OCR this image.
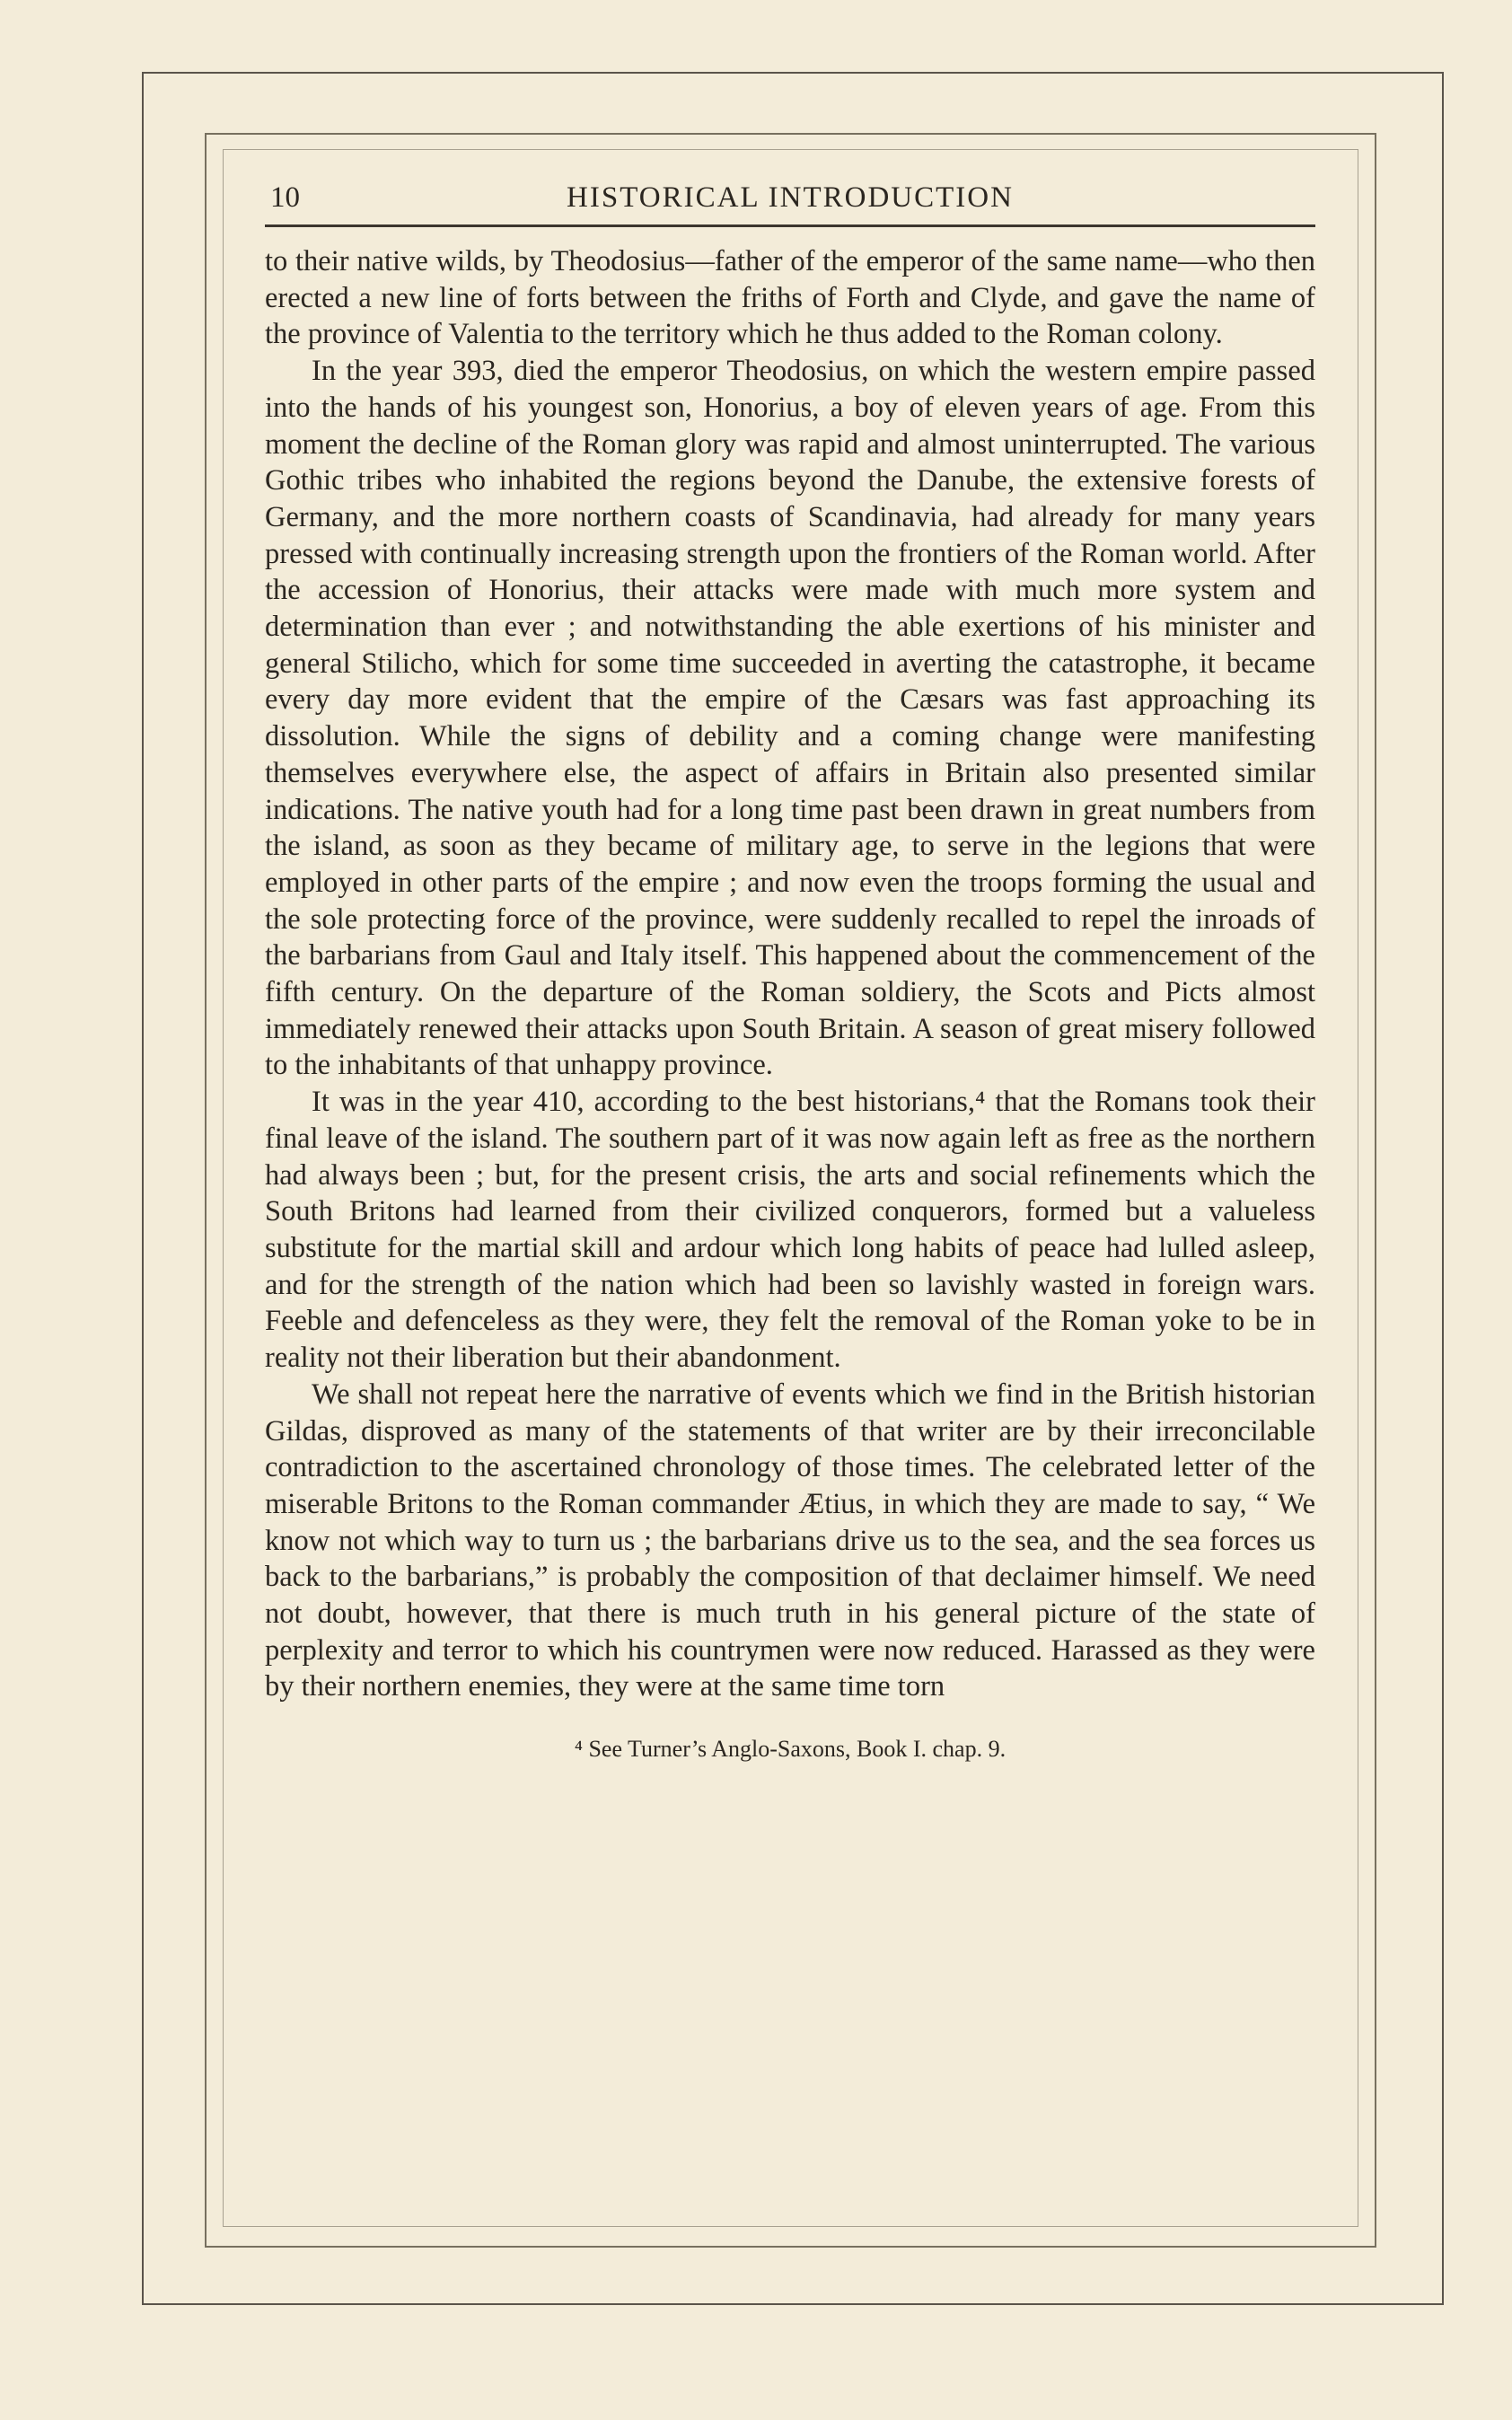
10	HISTORICAL INTRODUCTION

to their native wilds, by Theodosius—father of the emperor of the same name—who then erected a new line of forts between the friths of Forth and Clyde, and gave the name of the province of Valentia to the territory which he thus added to the Roman colony.

In the year 393, died the emperor Theodosius, on which the western empire passed into the hands of his youngest son, Honorius, a boy of eleven years of age. From this moment the decline of the Roman glory was rapid and almost uninterrupted. The various Gothic tribes who inhabited the regions beyond the Danube, the extensive forests of Germany, and the more northern coasts of Scandinavia, had already for many years pressed with continually increasing strength upon the frontiers of the Roman world. After the accession of Honorius, their attacks were made with much more system and determination than ever ; and notwithstanding the able exertions of his minister and general Stilicho, which for some time succeeded in averting the catastrophe, it became every day more evident that the empire of the Cæsars was fast approaching its dissolution. While the signs of debility and a coming change were manifesting themselves everywhere else, the aspect of affairs in Britain also presented similar indications. The native youth had for a long time past been drawn in great numbers from the island, as soon as they became of military age, to serve in the legions that were employed in other parts of the empire ; and now even the troops forming the usual and the sole protecting force of the province, were suddenly recalled to repel the inroads of the barbarians from Gaul and Italy itself. This happened about the commencement of the fifth century. On the departure of the Roman soldiery, the Scots and Picts almost immediately renewed their attacks upon South Britain. A season of great misery followed to the inhabitants of that unhappy province.

It was in the year 410, according to the best historians,⁴ that the Romans took their final leave of the island. The southern part of it was now again left as free as the northern had always been ; but, for the present crisis, the arts and social refinements which the South Britons had learned from their civilized conquerors, formed but a valueless substitute for the martial skill and ardour which long habits of peace had lulled asleep, and for the strength of the nation which had been so lavishly wasted in foreign wars. Feeble and defenceless as they were, they felt the removal of the Roman yoke to be in reality not their liberation but their abandonment.

We shall not repeat here the narrative of events which we find in the British historian Gildas, disproved as many of the statements of that writer are by their irreconcilable contradiction to the ascertained chronology of those times. The celebrated letter of the miserable Britons to the Roman commander Ætius, in which they are made to say, “ We know not which way to turn us ; the barbarians drive us to the sea, and the sea forces us back to the barbarians,” is probably the composition of that declaimer himself. We need not doubt, however, that there is much truth in his general picture of the state of perplexity and terror to which his countrymen were now reduced. Harassed as they were by their northern enemies, they were at the same time torn

⁴ See Turner’s Anglo-Saxons, Book I. chap. 9.
